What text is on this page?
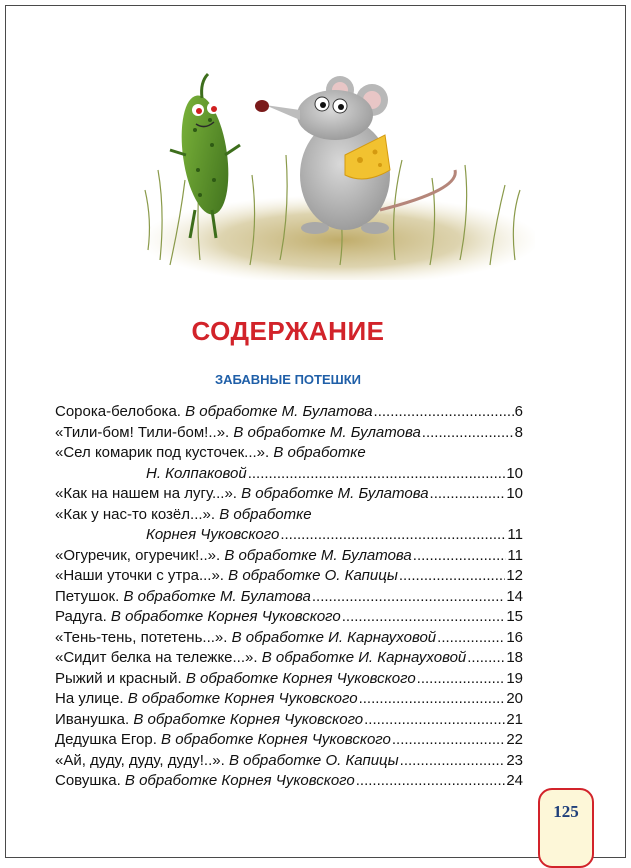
СОДЕРЖАНИЕ
ЗАБАВНЫЕ ПОТЕШКИ
Сорока-белобока. В обработке М. Булатова .....	6
«Тили-бом! Тили-бом!..». В обработке М. Булатова .....	8
«Сел комарик под кусточек...». В обработке
Н. Колпаковой .....	10
«Как на нашем на лугу...». В обработке М. Булатова .....	10
«Как у нас-то козёл...». В обработке
Корнея Чуковского .....	11
«Огуречик, огуречик!..». В обработке М. Булатова .....	11
«Наши уточки с утра...». В обработке О. Капицы .....	12
Петушок. В обработке М. Булатова .....	14
Радуга. В обработке Корнея Чуковского .....	15
«Тень-тень, потетень...». В обработке И. Карнауховой .....	16
«Сидит белка на тележке...». В обработке И. Карнауховой .....	18
Рыжий и красный. В обработке Корнея Чуковского .....	19
На улице. В обработке Корнея Чуковского .....	20
Иванушка. В обработке Корнея Чуковского .....	21
Дедушка Егор. В обработке Корнея Чуковского .....	22
«Ай, дуду, дуду, дуду!..». В обработке О. Капицы .....	23
Совушка. В обработке Корнея Чуковского .....	24
125
